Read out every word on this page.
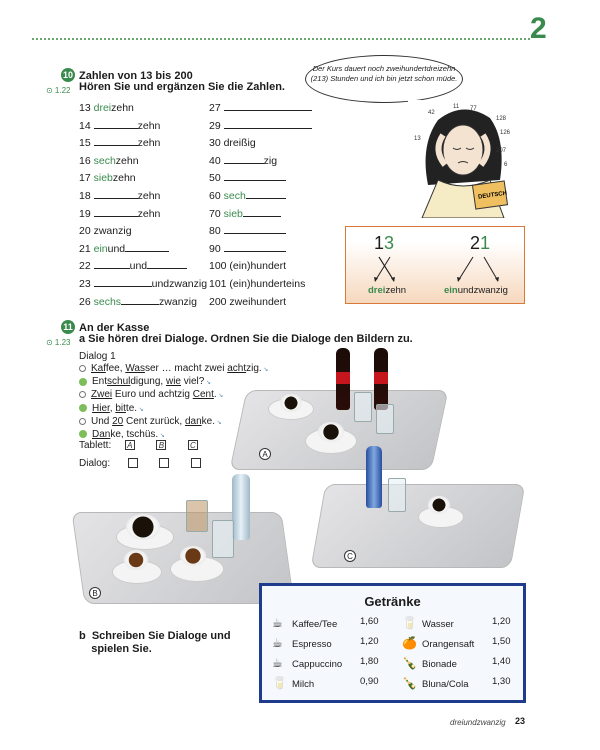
2
10 Zahlen von 13 bis 200
⊙ 1.22 Hören Sie und ergänzen Sie die Zahlen.
13 dreizehn
14	zehn
15	zehn
16 sechzehn
17 siebzehn
18	zehn
19	zehn
20 zwanzig
21 einund
22	und
23	undzwanzig
26 sechs	zwanzig
27
29
30 dreißig
40	zig
50
60 sech
70 sieb
80
90
100 (ein)hundert
101 (ein)hunderteins
200 zweihundert
Der Kurs dauert noch zweihundertdreizehn (213) Stunden und ich bin jetzt schon müde.
DEUTSCH
42
11 77
128
126
207
13
6
13	21
dreizehn	einundzwanzig
11 An der Kasse
⊙ 1.23 a Sie hören drei Dialoge. Ordnen Sie die Dialoge den Bildern zu.
Dialog 1
Kaffee, Wasser … macht zwei achtzig. ↘
Entschuldigung, wie viel? ↘
Zwei Euro und achtzig Cent. ↘
Hier, bitte. ↘
Und 20 Cent zurück, danke. ↘
Danke, tschüs. ↘
Tablett: A	B	C
Dialog:
A
C
B
b  Schreiben Sie Dialoge und
spielen Sie.
Getränke
☕ Kaffee/Tee 1,60
☕ Espresso	1,20
☕ Cappuccino 1,80
🥛 Milch	0,90
🥛 Wasser	1,20
🍊 Orangensaft 1,50
🍾 Bionade	1,40
🍾 Bluna/Cola 1,30
dreiundzwanzig 23
